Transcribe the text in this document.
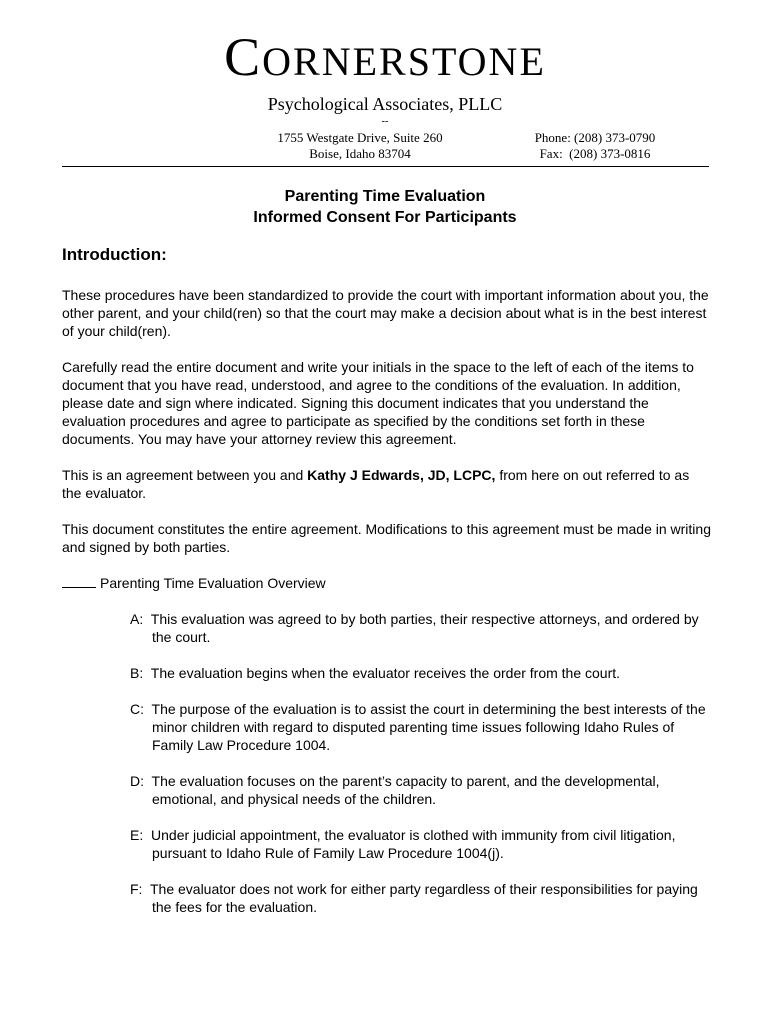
CORNERSTONE
Psychological Associates, PLLC
--
1755 Westgate Drive, Suite 260
Boise, Idaho 83704
Phone: (208) 373-0790
Fax:  (208) 373-0816
Parenting Time Evaluation
Informed Consent For Participants
Introduction:

These procedures have been standardized to provide the court with important information about you, the other parent, and your child(ren) so that the court may make a decision about what is in the best interest of your child(ren).

Carefully read the entire document and write your initials in the space to the left of each of the items to document that you have read, understood, and agree to the conditions of the evaluation. In addition, please date and sign where indicated. Signing this document indicates that you understand the evaluation procedures and agree to participate as specified by the conditions set forth in these documents. You may have your attorney review this agreement.

This is an agreement between you and Kathy J Edwards, JD, LCPC, from here on out referred to as the evaluator.

This document constitutes the entire agreement. Modifications to this agreement must be made in writing and signed by both parties.

Parenting Time Evaluation Overview
A: This evaluation was agreed to by both parties, their respective attorneys, and ordered by the court.
B: The evaluation begins when the evaluator receives the order from the court.
C: The purpose of the evaluation is to assist the court in determining the best interests of the minor children with regard to disputed parenting time issues following Idaho Rules of Family Law Procedure 1004.
D: The evaluation focuses on the parent’s capacity to parent, and the developmental, emotional, and physical needs of the children.
E: Under judicial appointment, the evaluator is clothed with immunity from civil litigation, pursuant to Idaho Rule of Family Law Procedure 1004(j).
F: The evaluator does not work for either party regardless of their responsibilities for paying the fees for the evaluation.
